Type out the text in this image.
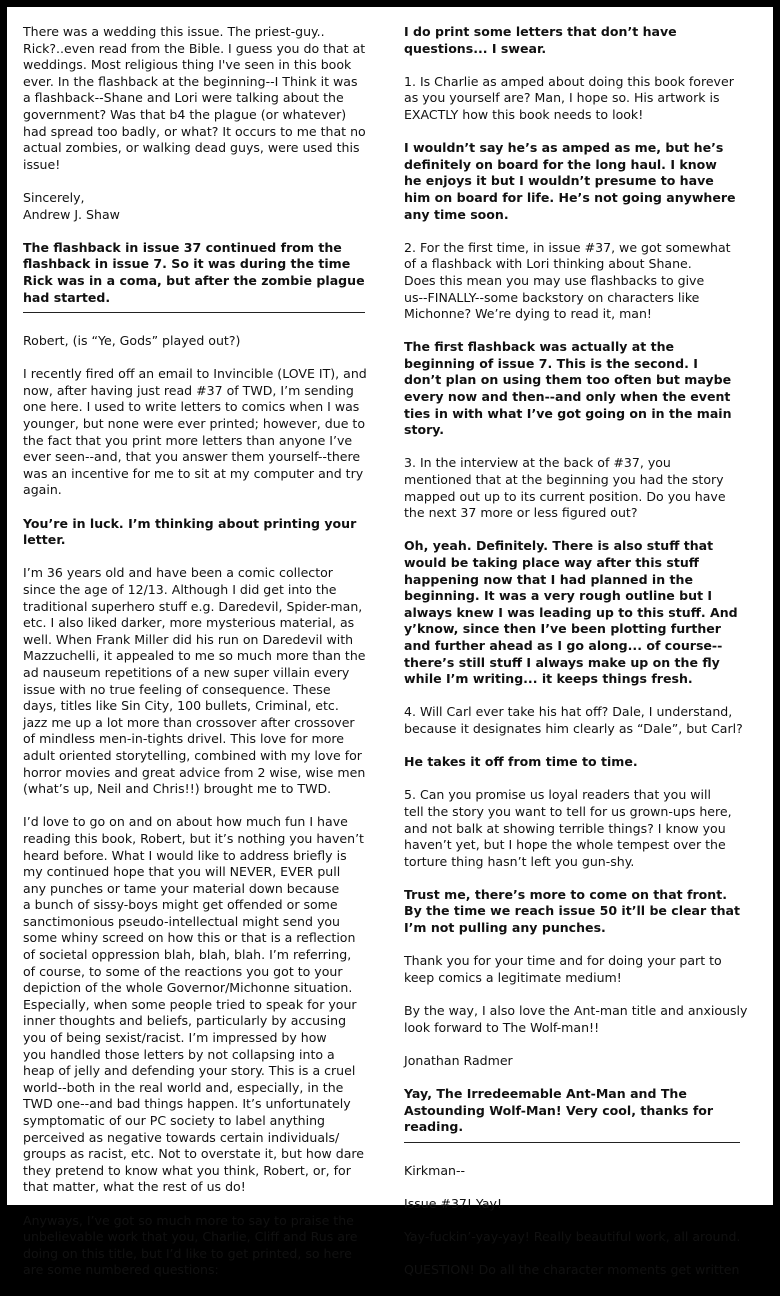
There was a wedding this issue. The priest-guy..
Rick?..even read from the Bible. I guess you do that at
weddings. Most religious thing I've seen in this book
ever. In the flashback at the beginning--I Think it was
a flashback--Shane and Lori were talking about the
government? Was that b4 the plague (or whatever)
had spread too badly, or what? It occurs to me that no
actual zombies, or walking dead guys, were used this
issue!

Sincerely,

Andrew J. Shaw

The flashback in issue 37 continued from the
flashback in issue 7. So it was during the time
Rick was in a coma, but after the zombie plague
had started.

Robert, (is “Ye, Gods” played out?)

I recently fired off an email to Invincible (LOVE IT), and
now, after having just read #37 of TWD, I’m sending
one here. I used to write letters to comics when I was
younger, but none were ever printed; however, due to
the fact that you print more letters than anyone I’ve
ever seen--and, that you answer them yourself--there
was an incentive for me to sit at my computer and try
again.

You’re in luck. I’m thinking about printing your
letter.

I’m 36 years old and have been a comic collector
since the age of 12/13. Although I did get into the
traditional superhero stuff e.g. Daredevil, Spider-man,
etc. I also liked darker, more mysterious material, as
well. When Frank Miller did his run on Daredevil with
Mazzuchelli, it appealed to me so much more than the
ad nauseum repetitions of a new super villain every
issue with no true feeling of consequence. These
days, titles like Sin City, 100 bullets, Criminal, etc.
jazz me up a lot more than crossover after crossover
of mindless men-in-tights drivel. This love for more
adult oriented storytelling, combined with my love for
horror movies and great advice from 2 wise, wise men
(what’s up, Neil and Chris!!) brought me to TWD.

I’d love to go on and on about how much fun I have
reading this book, Robert, but it’s nothing you haven’t
heard before. What I would like to address briefly is
my continued hope that you will NEVER, EVER pull
any punches or tame your material down because
a bunch of sissy-boys might get offended or some
sanctimonious pseudo-intellectual might send you
some whiny screed on how this or that is a reflection
of societal oppression blah, blah, blah. I’m referring,
of course, to some of the reactions you got to your
depiction of the whole Governor/Michonne situation.
Especially, when some people tried to speak for your
inner thoughts and beliefs, particularly by accusing
you of being sexist/racist. I’m impressed by how
you handled those letters by not collapsing into a
heap of jelly and defending your story. This is a cruel
world--both in the real world and, especially, in the
TWD one--and bad things happen. It’s unfortunately
symptomatic of our PC society to label anything
perceived as negative towards certain individuals/
groups as racist, etc. Not to overstate it, but how dare
they pretend to know what you think, Robert, or, for
that matter, what the rest of us do!

Anyways, I’ve got so much more to say to praise the
unbelievable work that you, Charlie, Cliff and Rus are
doing on this title, but I’d like to get printed, so here
are some numbered questions:

I do print some letters that don’t have
questions... I swear.

1. Is Charlie as amped about doing this book forever
as you yourself are? Man, I hope so. His artwork is
EXACTLY how this book needs to look!

I wouldn’t say he’s as amped as me, but he’s
definitely on board for the long haul. I know
he enjoys it but I wouldn’t presume to have
him on board for life. He’s not going anywhere
any time soon.

2. For the first time, in issue #37, we got somewhat
of a flashback with Lori thinking about Shane.
Does this mean you may use flashbacks to give
us--FINALLY--some backstory on characters like
Michonne? We’re dying to read it, man!

The first flashback was actually at the
beginning of issue 7. This is the second. I
don’t plan on using them too often but maybe
every now and then--and only when the event
ties in with what I’ve got going on in the main
story.

3. In the interview at the back of #37, you
mentioned that at the beginning you had the story
mapped out up to its current position. Do you have
the next 37 more or less figured out?

Oh, yeah. Definitely. There is also stuff that
would be taking place way after this stuff
happening now that I had planned in the
beginning. It was a very rough outline but I
always knew I was leading up to this stuff. And
y’know, since then I’ve been plotting further
and further ahead as I go along... of course--
there’s still stuff I always make up on the fly
while I’m writing... it keeps things fresh.

4. Will Carl ever take his hat off? Dale, I understand,
because it designates him clearly as “Dale”, but Carl?

He takes it off from time to time.

5. Can you promise us loyal readers that you will
tell the story you want to tell for us grown-ups here,
and not balk at showing terrible things? I know you
haven’t yet, but I hope the whole tempest over the
torture thing hasn’t left you gun-shy.

Trust me, there’s more to come on that front.
By the time we reach issue 50 it’ll be clear that
I’m not pulling any punches.

Thank you for your time and for doing your part to
keep comics a legitimate medium!

By the way, I also love the Ant-man title and anxiously
look forward to The Wolf-man!!

Jonathan Radmer

Yay, The Irredeemable Ant-Man and The
Astounding Wolf-Man! Very cool, thanks for
reading.

Kirkman--

Issue #37! Yay!

Yay-fuckin’-yay-yay! Really beautiful work, all around.

QUESTION! Do all the character moments get written
